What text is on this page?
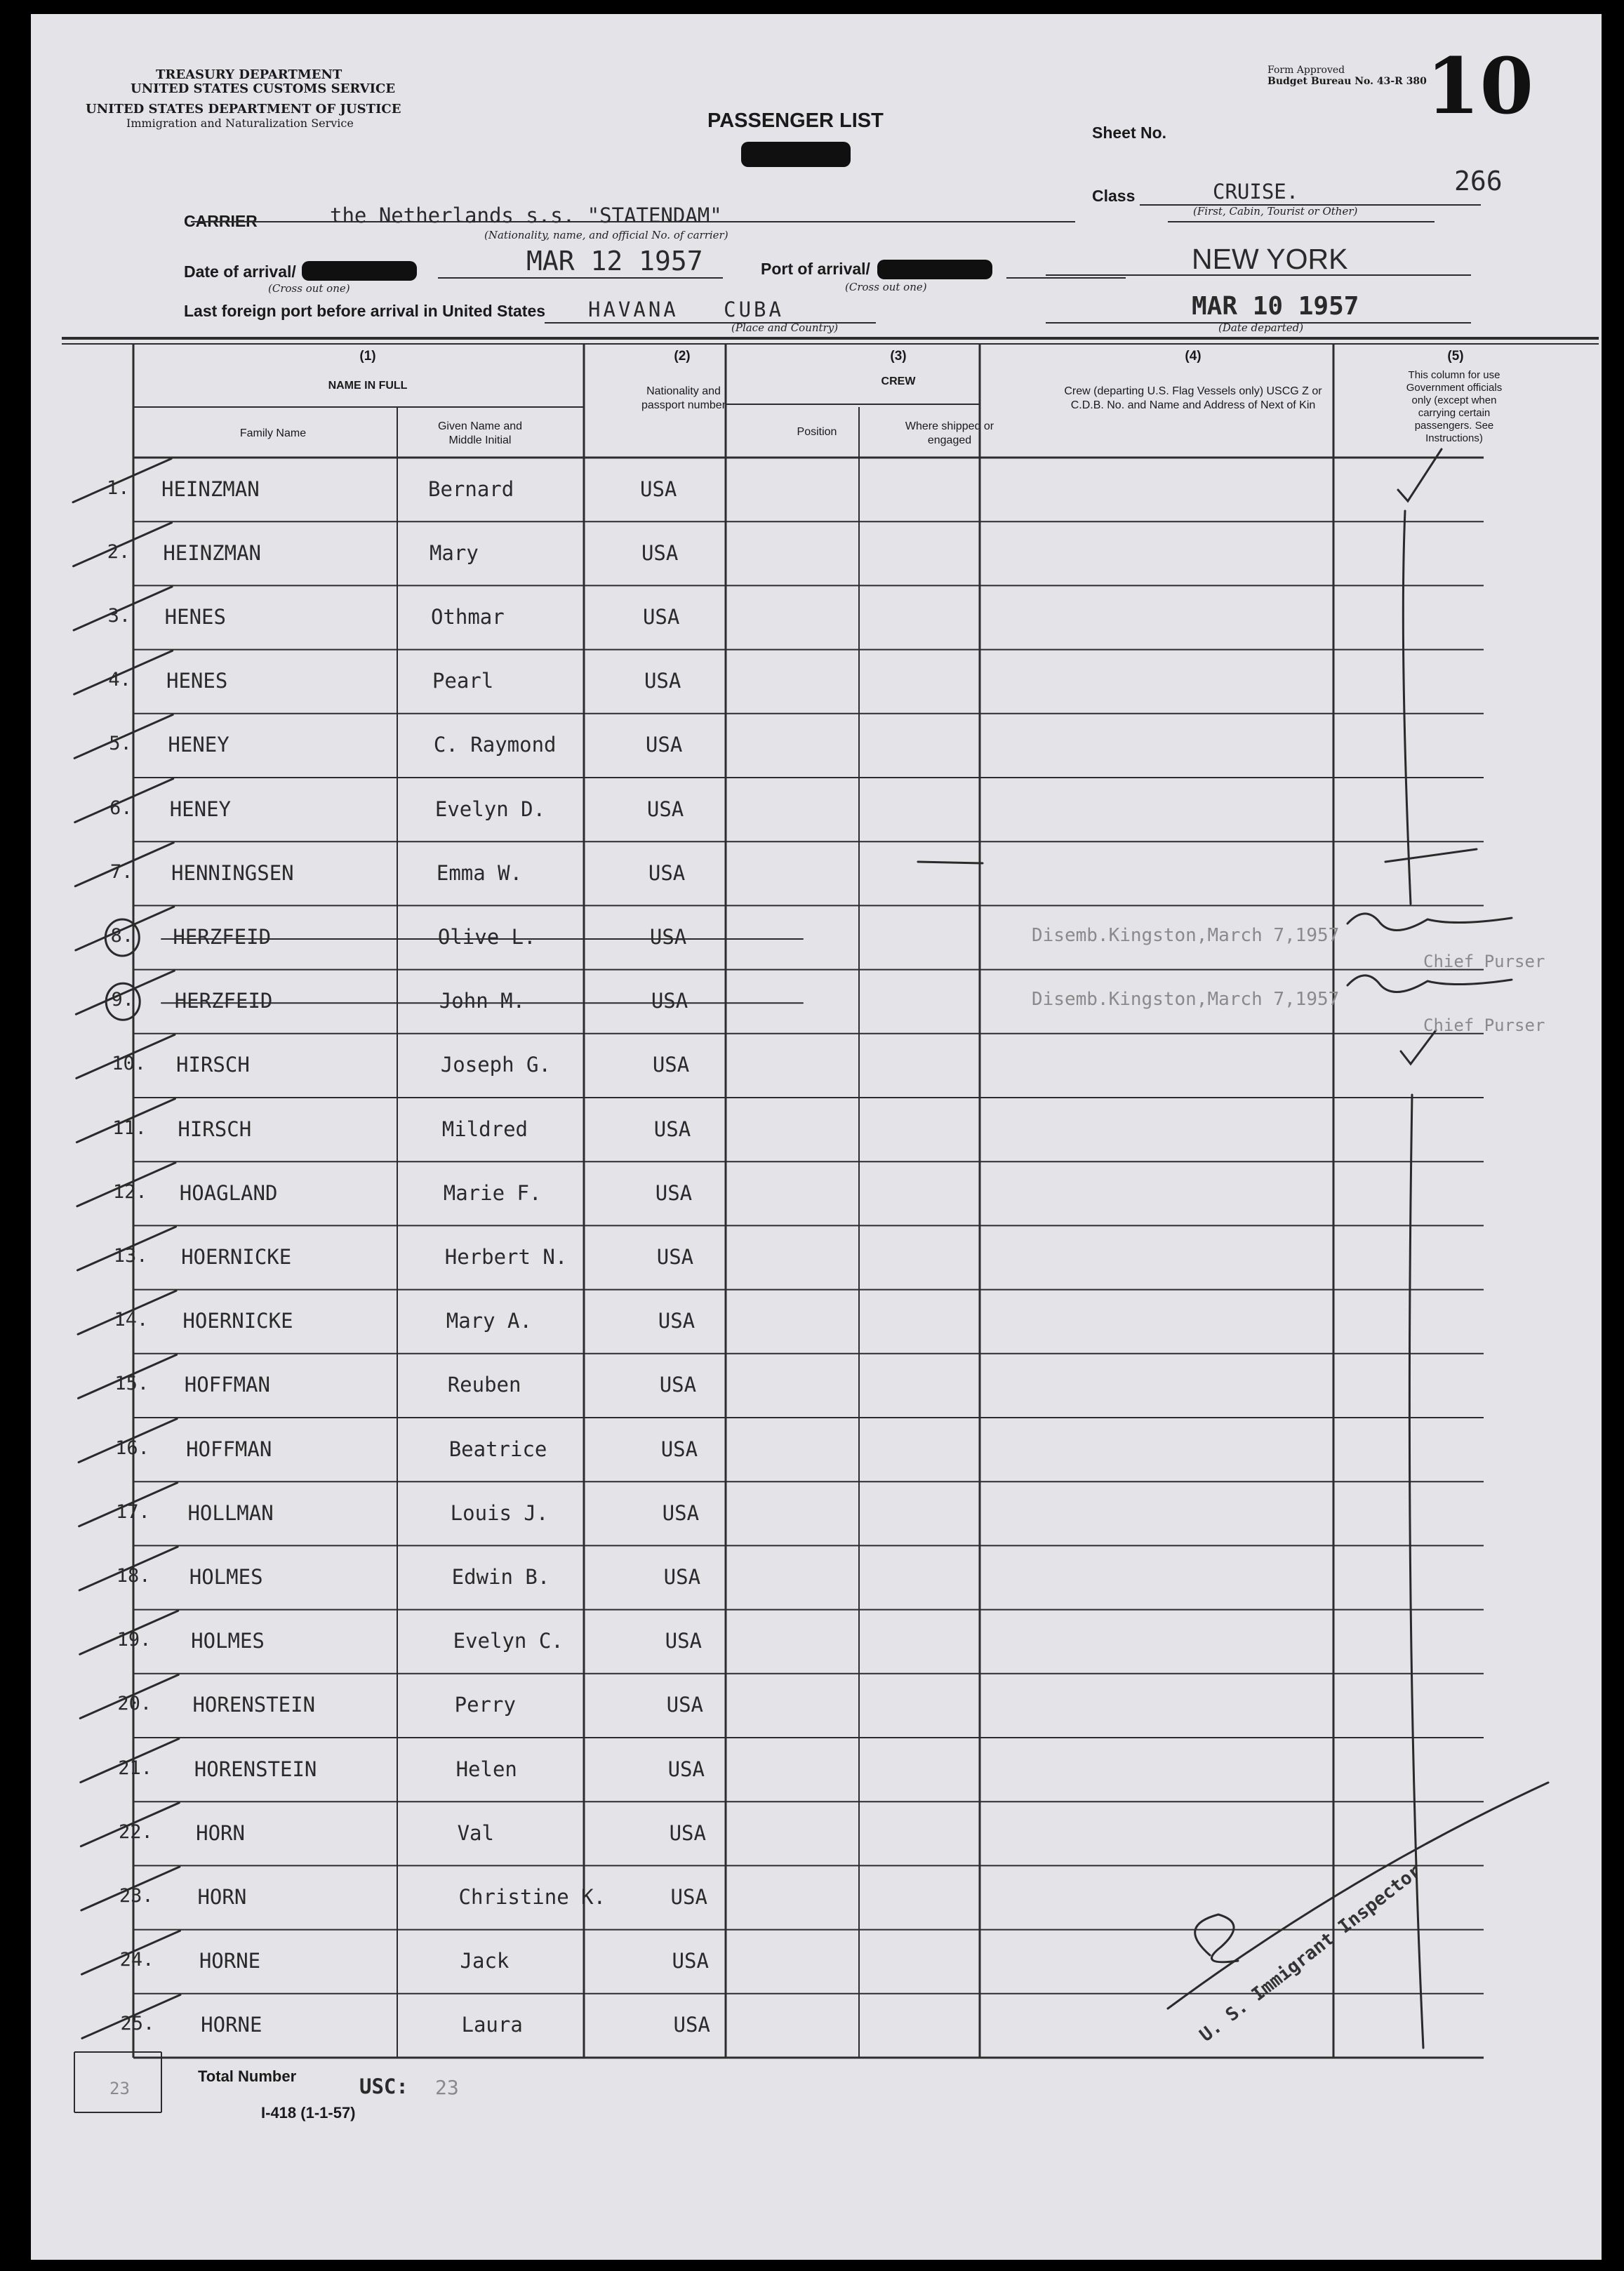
TREASURY DEPARTMENT
UNITED STATES CUSTOMS SERVICE
UNITED STATES DEPARTMENT OF JUSTICE
Immigration and Naturalization Service	PASSENGER LIST
Form Approved
Budget Bureau No. 43-R 380 10
Sheet No.
Class	CRUISE.
(First, Cabin, Tourist or Other)
266
CARRIER	the Netherlands s.s. "STATENDAM"
(Nationality, name, and official No. of carrier)
Date of arrival/	MAR 12 1957
(Cross out one)
Port of arrival/	NEW YORK
(Cross out one)
Last foreign port before arrival in United States HAVANA   CUBA
(Place and Country)
MAR 10 1957
(Date departed)
(1)
NAME IN FULL
Family Name
Given Name and Middle Initial
(2)
Nationality and passport number
(3)
CREW
Position	Where shipped or engaged
(4)
Crew (departing U.S. Flag Vessels only) USCG Z or C.D.B. No. and Name and Address of Next of Kin
(5)
This column for use Government officials only (except when carrying certain passengers. See Instructions)
1. HEINZMAN	Bernard	USA
2. HEINZMAN	Mary	USA
3. HENES	Othmar	USA
4. HENES	Pearl	USA
5. HENEY	C. Raymond	USA
6. HENEY	Evelyn D.	USA
7. HENNINGSEN	Emma W.	USA
8. HERZFEID	Olive L.	USA	Disemb.Kingston,March 7,1957
Chief Purser
9. HERZFEID	John M.	USA	Disemb.Kingston,March 7,1957
Chief Purser
10. HIRSCH	Joseph G.	USA
11. HIRSCH	Mildred	USA
12. HOAGLAND	Marie F.	USA
13. HOERNICKE	Herbert N.	USA
14. HOERNICKE	Mary A.	USA
15. HOFFMAN	Reuben	USA
16. HOFFMAN	Beatrice	USA
17. HOLLMAN	Louis J.	USA
18. HOLMES	Edwin B.	USA
19. HOLMES	Evelyn C.	USA
20. HORENSTEIN	Perry	USA
21. HORENSTEIN	Helen	USA
22. HORN	Val	USA
23. HORN	Christine K.	USA
24. HORNE	Jack	USA
25. HORNE	Laura	USA
23
Total Number	USC: 23
I-418 (1-1-57)
U. S. Immigrant Inspector
